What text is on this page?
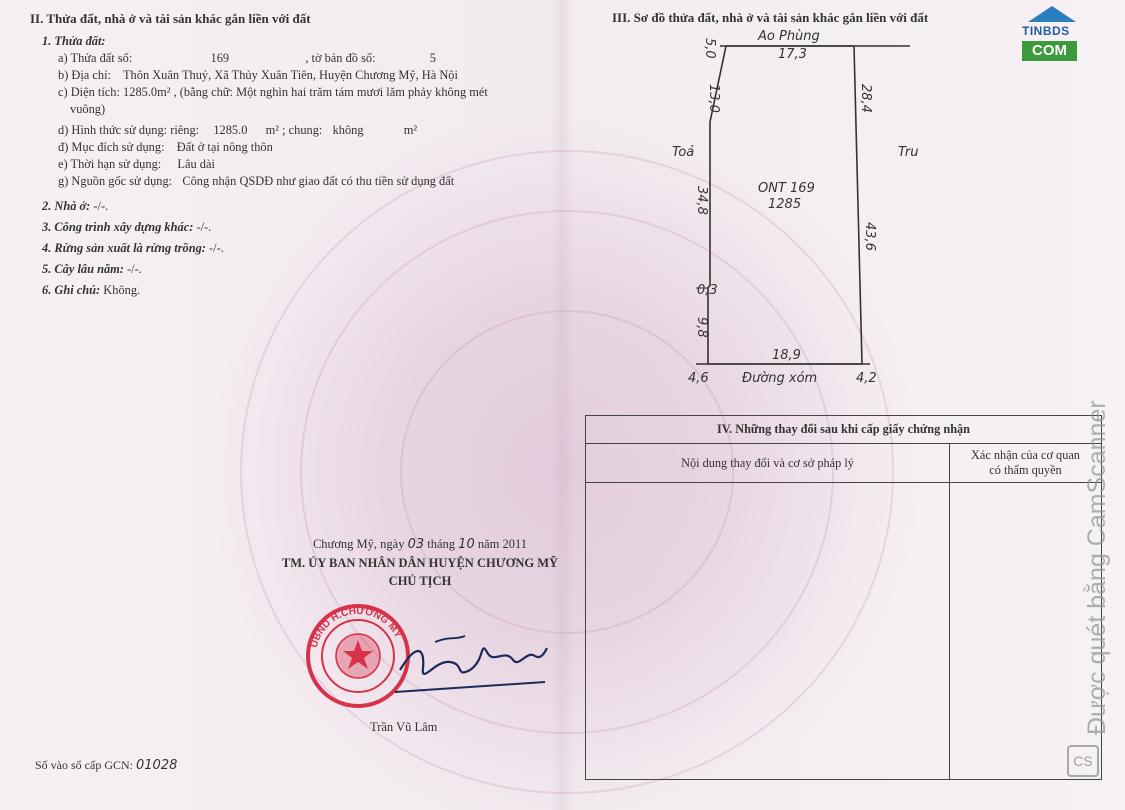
II. Thửa đất, nhà ở và tài sản khác gắn liền với đất
1. Thửa đất:
a) Thửa đất số:	169	, tờ bản đồ số:	5
b) Địa chỉ: Thôn Xuân Thuỷ, Xã Thủy Xuân Tiên, Huyện Chương Mỹ, Hà Nội
c) Diện tích: 1285.0m² , (bằng chữ: Một nghìn hai trăm tám mươi lăm phảy không mét
vuông)
d) Hình thức sử dụng: riêng: 1285.0 m² ; chung: không	m²
đ) Mục đích sử dụng: Đất ở tại nông thôn
e) Thời hạn sử dụng: Lâu dài
g) Nguồn gốc sử dụng: Công nhận QSDĐ như giao đất có thu tiền sử dụng đất
2. Nhà ở: -/-.
3. Công trình xây dựng khác: -/-.
4. Rừng sản xuất là rừng trồng: -/-.
5. Cây lâu năm: -/-.
6. Ghi chú: Không.
Chương Mỹ, ngày 03 tháng 10 năm 2011
TM. ỦY BAN NHÂN DÂN HUYỆN CHƯƠNG MỸ
CHỦ TỊCH
UBND H.CHƯƠNG MỸ
Trần Vũ Lâm
Số vào sổ cấp GCN: 01028
III. Sơ đồ thửa đất, nhà ở và tài sản khác gắn liền với đất
Ao Phùng
17,3
5,0
13,0	28,4
34,8
43,6
0,3
9,8
18,9
4,6	4,2
Đường xóm
Toả
ONT 169
1285
Tru
IV. Những thay đổi sau khi cấp giấy chứng nhận	
Nội dung thay đổi và cơ sở pháp lý	Xác nhận của cơ quan
có thẩm quyền

TINBDS
COM
Được quét bằng CamScanner
CS
